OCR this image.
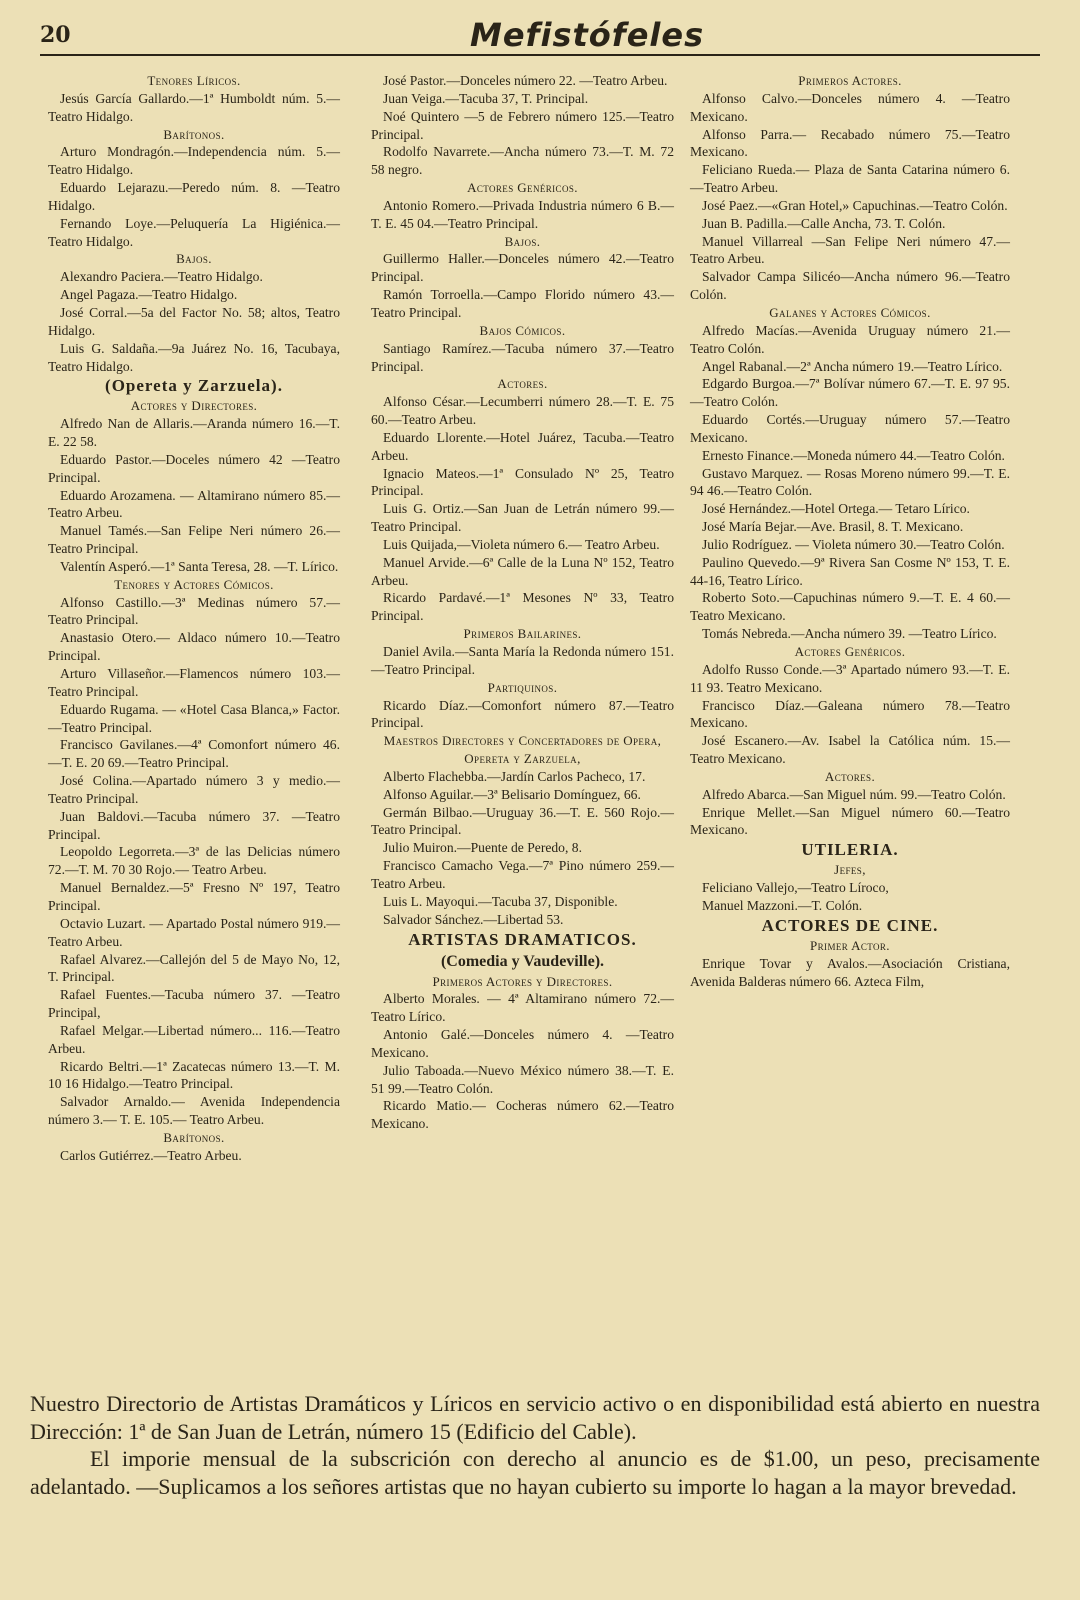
20	Mefistófeles

Tenores Líricos.

Jesús García Gallardo.—1ª Humboldt núm. 5.—Teatro Hidalgo.

Barítonos.

Arturo Mondragón.—Independencia núm. 5.—Teatro Hidalgo.

Eduardo Lejarazu.—Peredo núm. 8. —Teatro Hidalgo.

Fernando Loye.—Peluquería La Higiénica.—Teatro Hidalgo.

Bajos.

Alexandro Paciera.—Teatro Hidalgo.

Angel Pagaza.—Teatro Hidalgo.

José Corral.—5a del Factor No. 58; altos, Teatro Hidalgo.

Luis G. Saldaña.—9a Juárez No. 16, Tacubaya, Teatro Hidalgo.

(Opereta y Zarzuela).

Actores y Directores.

Alfredo Nan de Allaris.—Aranda número 16.—T. E. 22 58.

Eduardo Pastor.—Doceles número 42 —Teatro Principal.

Eduardo Arozamena. — Altamirano número 85.—Teatro Arbeu.

Manuel Tamés.—San Felipe Neri número 26.—Teatro Principal.

Valentín Asperó.—1ª Santa Teresa, 28. —T. Lírico.

Tenores y Actores Cómicos.

Alfonso Castillo.—3ª Medinas número 57.—Teatro Principal.

Anastasio Otero.— Aldaco número 10.—Teatro Principal.

Arturo Villaseñor.—Flamencos número 103.—Teatro Principal.

Eduardo Rugama. — «Hotel Casa Blanca,» Factor.—Teatro Principal.

Francisco Gavilanes.—4ª Comonfort número 46.—T. E. 20 69.—Teatro Principal.

José Colina.—Apartado número 3 y medio.—Teatro Principal.

Juan Baldovi.—Tacuba número 37. —Teatro Principal.

Leopoldo Legorreta.—3ª de las Delicias número 72.—T. M. 70 30 Rojo.— Teatro Arbeu.

Manuel Bernaldez.—5ª Fresno Nº 197, Teatro Principal.

Octavio Luzart. — Apartado Postal número 919.—Teatro Arbeu.

Rafael Alvarez.—Callejón del 5 de Mayo No, 12, T. Principal.

Rafael Fuentes.—Tacuba número 37. —Teatro Principal,

Rafael Melgar.—Libertad número... 116.—Teatro Arbeu.

Ricardo Beltri.—1ª Zacatecas número 13.—T. M. 10 16 Hidalgo.—Teatro Principal.

Salvador Arnaldo.— Avenida Independencia número 3.— T. E. 105.— Teatro Arbeu.

Barítonos.

Carlos Gutiérrez.—Teatro Arbeu.

José Pastor.—Donceles número 22. —Teatro Arbeu.

Juan Veiga.—Tacuba 37, T. Principal.

Noé Quintero —5 de Febrero número 125.—Teatro Principal.

Rodolfo Navarrete.—Ancha número 73.—T. M. 72 58 negro.

Actores Genéricos.

Antonio Romero.—Privada Industria número 6 B.—T. E. 45 04.—Teatro Principal.

Bajos.

Guillermo Haller.—Donceles número 42.—Teatro Principal.

Ramón Torroella.—Campo Florido número 43.—Teatro Principal.

Bajos Cómicos.

Santiago Ramírez.—Tacuba número 37.—Teatro Principal.

Actores.

Alfonso César.—Lecumberri número 28.—T. E. 75 60.—Teatro Arbeu.

Eduardo Llorente.—Hotel Juárez, Tacuba.—Teatro Arbeu.

Ignacio Mateos.—1ª Consulado Nº 25, Teatro Principal.

Luis G. Ortiz.—San Juan de Letrán número 99.—Teatro Principal.

Luis Quijada,—Violeta número 6.— Teatro Arbeu.

Manuel Arvide.—6ª Calle de la Luna Nº 152, Teatro Arbeu.

Ricardo Pardavé.—1ª Mesones Nº 33, Teatro Principal.

Primeros Bailarines.

Daniel Avila.—Santa María la Redonda número 151.—Teatro Principal.

Partiquinos.

Ricardo Díaz.—Comonfort número 87.—Teatro Principal.

Maestros Directores y Concertadores de Opera, Opereta y Zarzuela,

Alberto Flachebba.—Jardín Carlos Pacheco, 17.

Alfonso Aguilar.—3ª Belisario Domínguez, 66.

Germán Bilbao.—Uruguay 36.—T. E. 560 Rojo.—Teatro Principal.

Julio Muiron.—Puente de Peredo, 8.

Francisco Camacho Vega.—7ª Pino número 259.—Teatro Arbeu.

Luis L. Mayoqui.—Tacuba 37, Disponible.

Salvador Sánchez.—Libertad 53.

ARTISTAS DRAMATICOS.

(Comedia y Vaudeville).

Primeros Actores y Directores.

Alberto Morales. — 4ª Altamirano número 72.—Teatro Lírico.

Antonio Galé.—Donceles número 4. —Teatro Mexicano.

Julio Taboada.—Nuevo México número 38.—T. E. 51 99.—Teatro Colón.

Ricardo Matio.— Cocheras número 62.—Teatro Mexicano.

Primeros Actores.

Alfonso Calvo.—Donceles número 4. —Teatro Mexicano.

Alfonso Parra.— Recabado número 75.—Teatro Mexicano.

Feliciano Rueda.— Plaza de Santa Catarina número 6.—Teatro Arbeu.

José Paez.—«Gran Hotel,» Capuchinas.—Teatro Colón.

Juan B. Padilla.—Calle Ancha, 73. T. Colón.

Manuel Villarreal —San Felipe Neri número 47.—Teatro Arbeu.

Salvador Campa Silicéo—Ancha número 96.—Teatro Colón.

Galanes y Actores Cómicos.

Alfredo Macías.—Avenida Uruguay número 21.—Teatro Colón.

Angel Rabanal.—2ª Ancha número 19.—Teatro Lírico.

Edgardo Burgoa.—7ª Bolívar número 67.—T. E. 97 95.—Teatro Colón.

Eduardo Cortés.—Uruguay número 57.—Teatro Mexicano.

Ernesto Finance.—Moneda número 44.—Teatro Colón.

Gustavo Marquez. — Rosas Moreno número 99.—T. E. 94 46.—Teatro Colón.

José Hernández.—Hotel Ortega.— Tetaro Lírico.

José María Bejar.—Ave. Brasil, 8. T. Mexicano.

Julio Rodríguez. — Violeta número 30.—Teatro Colón.

Paulino Quevedo.—9ª Rivera San Cosme Nº 153, T. E. 44-16, Teatro Lírico.

Roberto Soto.—Capuchinas número 9.—T. E. 4 60.—Teatro Mexicano.

Tomás Nebreda.—Ancha número 39. —Teatro Lírico.

Actores Genéricos.

Adolfo Russo Conde.—3ª Apartado número 93.—T. E. 11 93. Teatro Mexicano.

Francisco Díaz.—Galeana número 78.—Teatro Mexicano.

José Escanero.—Av. Isabel la Católica núm. 15.—Teatro Mexicano.

Actores.

Alfredo Abarca.—San Miguel núm. 99.—Teatro Colón.

Enrique Mellet.—San Miguel número 60.—Teatro Mexicano.

UTILERIA.

Jefes,

Feliciano Vallejo,—Teatro Líroco,

Manuel Mazzoni.—T. Colón.

ACTORES DE CINE.

Primer Actor.

Enrique Tovar y Avalos.—Asociación Cristiana, Avenida Balderas número 66. Azteca Film,

Nuestro Directorio de Artistas Dramáticos y Líricos en servicio activo o en disponibilidad está abierto en nuestra Dirección: 1ª de San Juan de Letrán, número 15 (Edificio del Cable).

El imporie mensual de la subscrición con derecho al anuncio es de $1.00, un peso, precisamente adelantado. —Suplicamos a los señores artistas que no hayan cubierto su importe lo hagan a la mayor brevedad.
